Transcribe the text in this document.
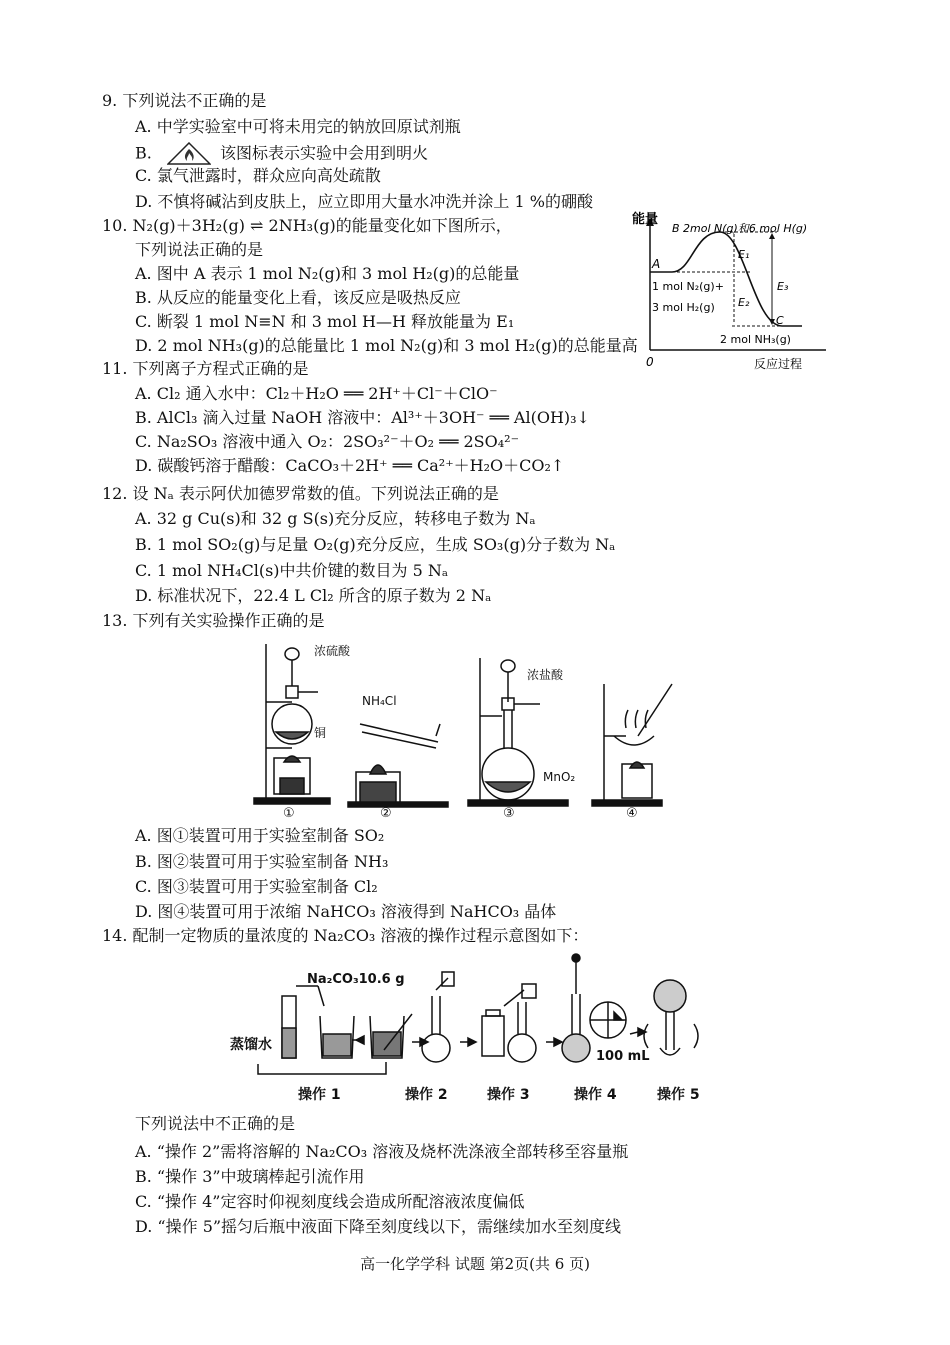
9. 下列说法不正确的是
A. 中学实验室中可将未用完的钠放回原试剂瓶
B.	该图标表示实验中会用到明火
C. 氯气泄露时，群众应向高处疏散
D. 不慎将碱沾到皮肤上，应立即用大量水冲洗并涂上 1 %的硼酸
10. N₂(g)＋3H₂(g) ⇌ 2NH₃(g)的能量变化如下图所示，
下列说法正确的是
A. 图中 A 表示 1 mol N₂(g)和 3 mol H₂(g)的总能量
B. 从反应的能量变化上看，该反应是吸热反应
C. 断裂 1 mol N≡N 和 3 mol H—H 释放能量为 E₁
D. 2 mol NH₃(g)的总能量比 1 mol N₂(g)和 3 mol H₂(g)的总能量高
能量
B 2mol N(g)和6 mol H(g)
A
1 mol N₂(g)+
3 mol H₂(g)
E₁
E₂
E₃
C
2 mol NH₃(g)
0	反应过程
11. 下列离子方程式正确的是
A. Cl₂ 通入水中：Cl₂＋H₂O ══ 2H⁺＋Cl⁻＋ClO⁻
B. AlCl₃ 滴入过量 NaOH 溶液中：Al³⁺＋3OH⁻ ══ Al(OH)₃↓
C. Na₂SO₃ 溶液中通入 O₂：2SO₃²⁻＋O₂ ══ 2SO₄²⁻
D. 碳酸钙溶于醋酸：CaCO₃＋2H⁺ ══ Ca²⁺＋H₂O＋CO₂↑
12. 设 Nₐ 表示阿伏加德罗常数的值。下列说法正确的是
A. 32 g Cu(s)和 32 g S(s)充分反应，转移电子数为 Nₐ
B. 1 mol SO₂(g)与足量 O₂(g)充分反应，生成 SO₃(g)分子数为 Nₐ
C. 1 mol NH₄Cl(s)中共价键的数目为 5 Nₐ
D. 标准状况下，22.4 L Cl₂ 所含的原子数为 2 Nₐ
13. 下列有关实验操作正确的是
浓硫酸
铜
NH₄Cl
浓盐酸
MnO₂
①	②	③	④
A. 图①装置可用于实验室制备 SO₂
B. 图②装置可用于实验室制备 NH₃
C. 图③装置可用于实验室制备 Cl₂
D. 图④装置可用于浓缩 NaHCO₃ 溶液得到 NaHCO₃ 晶体
14. 配制一定物质的量浓度的 Na₂CO₃ 溶液的操作过程示意图如下：
Na₂CO₃10.6 g
蒸馏水
100 mL
操作 1	操作 2	操作 3	操作 4	操作 5
下列说法中不正确的是
A. “操作 2”需将溶解的 Na₂CO₃ 溶液及烧杯洗涤液全部转移至容量瓶
B. “操作 3”中玻璃棒起引流作用
C. “操作 4”定容时仰视刻度线会造成所配溶液浓度偏低
D. “操作 5”摇匀后瓶中液面下降至刻度线以下，需继续加水至刻度线
高一化学学科 试题 第2页(共 6 页)
